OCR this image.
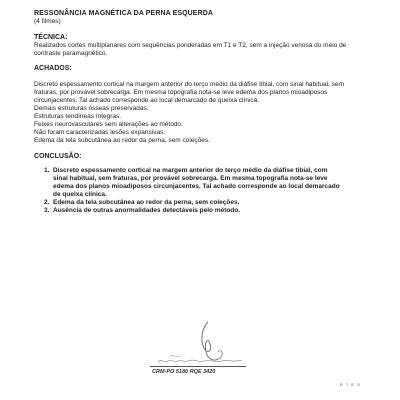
RESSONÂNCIA MAGNÉTICA DA PERNA ESQUERDA
(4 filmes)
TÉCNICA:
Realizados cortes multiplanares com sequências ponderadas em T1 e T2, sem a injeção venosa do meio de contraste paramagnético.
ACHADOS:

Discreto espessamento cortical na margem anterior do terço médio da diáfise tibial, com sinal habitual, sem fraturas, por provável sobrecarga. Em mesma topografia nota-se leve edema dos planos mioadiposos circunjacentes. Tal achado corresponde ao local demarcado de queixa clínica.

Demais estruturas ósseas preservadas.

Estruturas tendíneas íntegras.

Feixes neurovasculares sem alterações ao método.

Não foram caracterizadas lesões expansivas.

Edema da tela subcutânea ao redor da perna, sem coleções.

CONCLUSÃO:
1. Discreto espessamento cortical na margem anterior do terço médio da diáfise tibial, com sinal habitual, sem fraturas, por provável sobrecarga. Em mesma topografia nota-se leve edema dos planos mioadiposos circunjacentes. Tal achado corresponde ao local demarcado de queixa clínica.
2. Edema da tela subcutânea ao redor da perna, sem coleções.
3. Ausência de outras anormalidades detectáveis pelo método.
CRM-PO 5180 RQE 3420
R T E S
